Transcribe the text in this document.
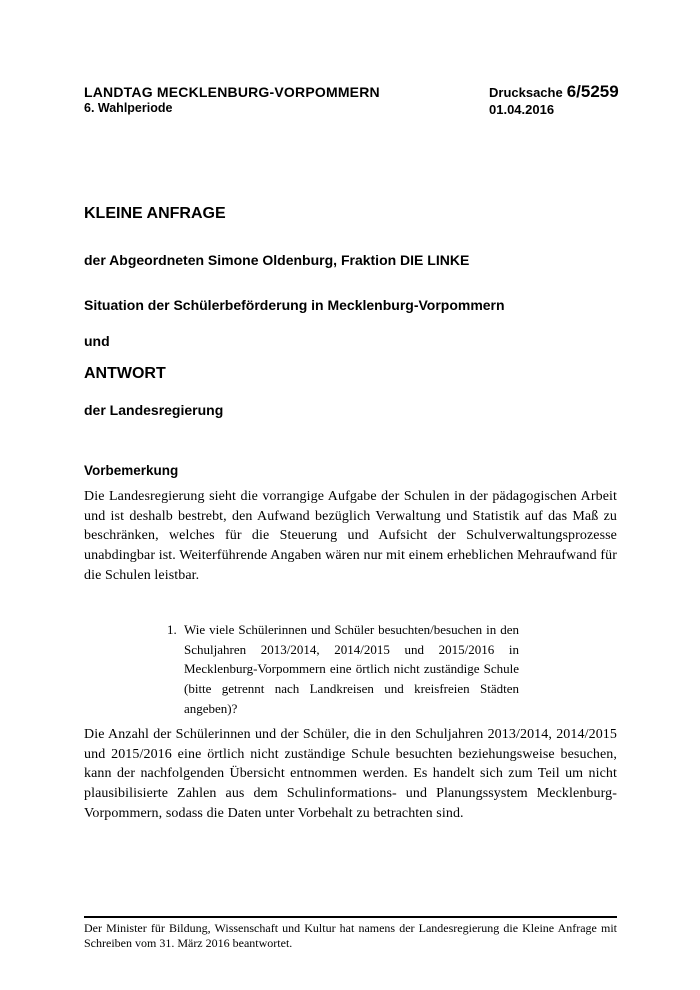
LANDTAG MECKLENBURG-VORPOMMERN
6. Wahlperiode
Drucksache 6/5259
01.04.2016
KLEINE ANFRAGE
der Abgeordneten Simone Oldenburg, Fraktion DIE LINKE
Situation der Schülerbeförderung in Mecklenburg-Vorpommern
und
ANTWORT
der Landesregierung
Vorbemerkung
Die Landesregierung sieht die vorrangige Aufgabe der Schulen in der pädagogischen Arbeit und ist deshalb bestrebt, den Aufwand bezüglich Verwaltung und Statistik auf das Maß zu beschränken, welches für die Steuerung und Aufsicht der Schulverwaltungsprozesse unabdingbar ist. Weiterführende Angaben wären nur mit einem erheblichen Mehraufwand für die Schulen leistbar.
1. Wie viele Schülerinnen und Schüler besuchten/besuchen in den Schuljahren 2013/2014, 2014/2015 und 2015/2016 in Mecklenburg-Vorpommern eine örtlich nicht zuständige Schule (bitte getrennt nach Landkreisen und kreisfreien Städten angeben)?
Die Anzahl der Schülerinnen und der Schüler, die in den Schuljahren 2013/2014, 2014/2015 und 2015/2016 eine örtlich nicht zuständige Schule besuchten beziehungsweise besuchen, kann der nachfolgenden Übersicht entnommen werden. Es handelt sich zum Teil um nicht plausibilisierte Zahlen aus dem Schulinformations- und Planungssystem Mecklenburg-Vorpommern, sodass die Daten unter Vorbehalt zu betrachten sind.
Der Minister für Bildung, Wissenschaft und Kultur hat namens der Landesregierung die Kleine Anfrage mit Schreiben vom 31. März 2016 beantwortet.
